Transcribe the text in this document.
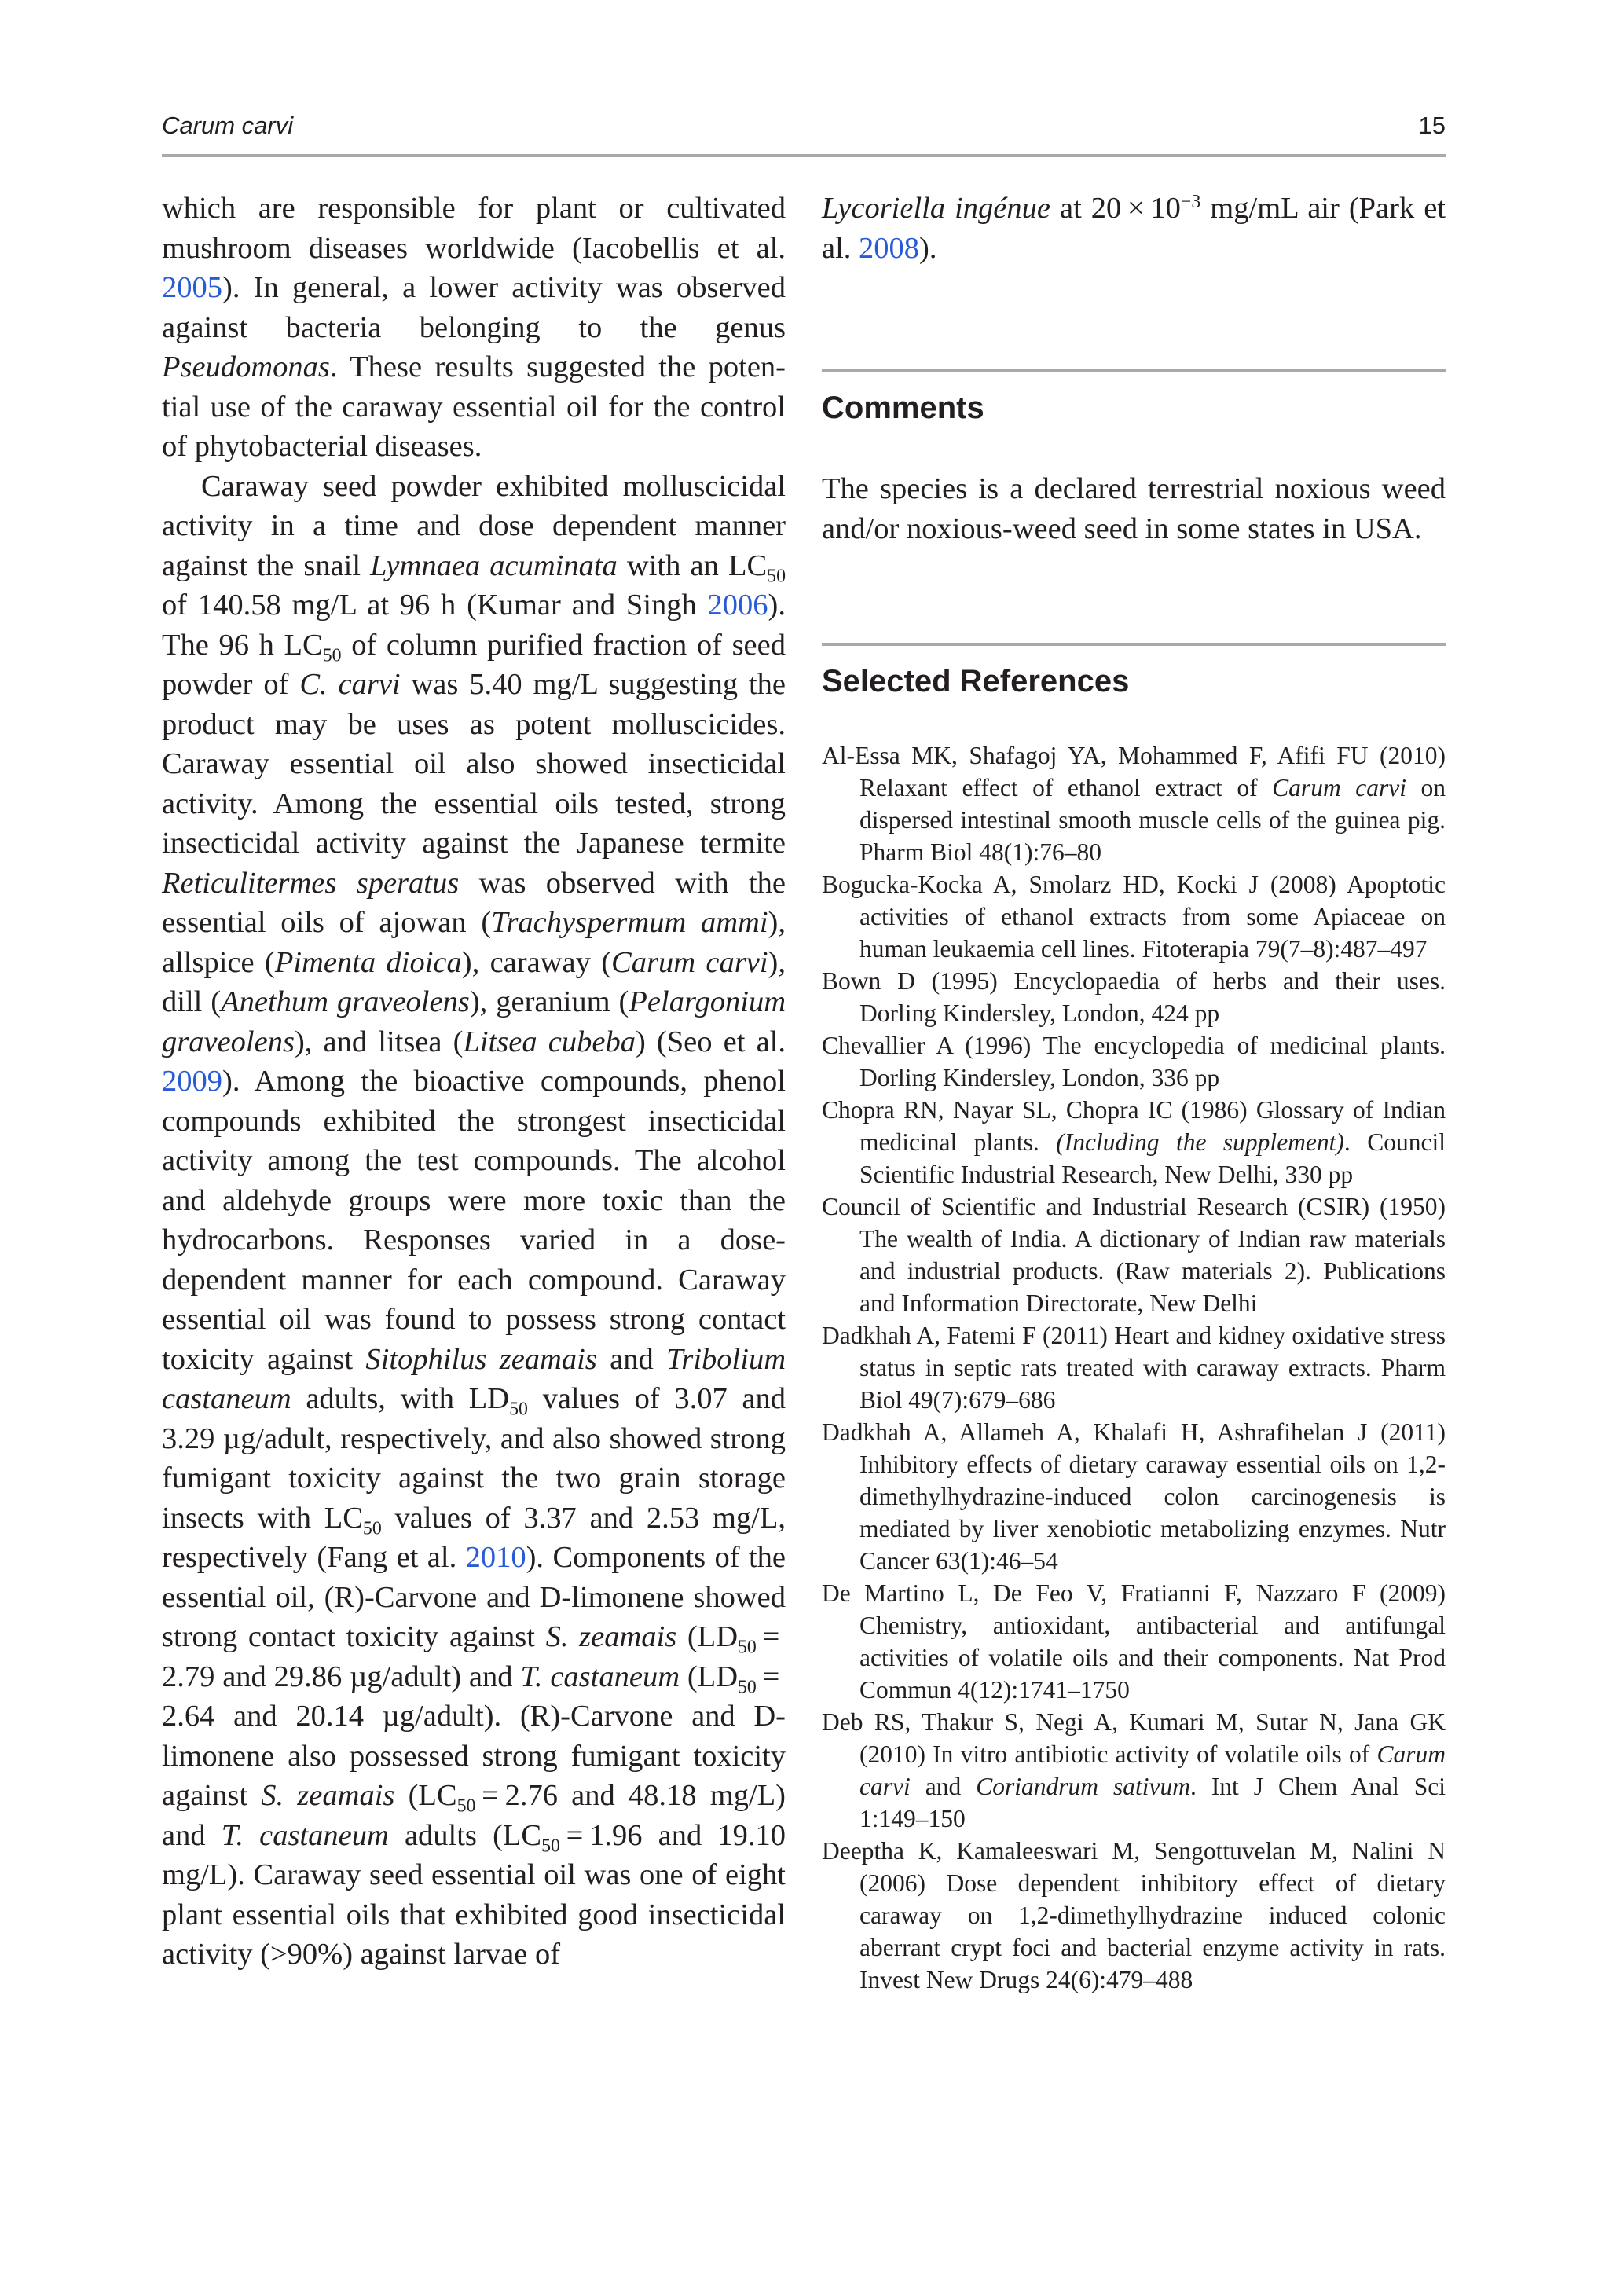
Carum carvi	15

which are responsible for plant or cultivated mushroom diseases worldwide (Iacobellis et al. 2005). In general, a lower activity was observed against bacteria belonging to the genus Pseudomonas. These results suggested the potential use of the caraway essential oil for the control of phytobacterial diseases.

Caraway seed powder exhibited molluscicidal activity in a time and dose dependent manner against the snail Lymnaea acuminata with an $LC_{50}$ of 140.58 mg/L at 96 h (Kumar and Singh 2006). The 96 h $LC_{50}$ of column purified fraction of seed powder of C. carvi was 5.40 mg/L suggesting the product may be uses as potent molluscicides. Caraway essential oil also showed insecticidal activity. Among the essential oils tested, strong insecticidal activity against the Japanese termite Reticulitermes speratus was observed with the essential oils of ajowan (Trachyspermum ammi), allspice (Pimenta dioica), caraway (Carum carvi), dill (Anethum graveolens), geranium (Pelargonium graveolens), and litsea (Litsea cubeba) (Seo et al. 2009). Among the bioactive compounds, phenol compounds exhibited the strongest insecticidal activity among the test compounds. The alcohol and aldehyde groups were more toxic than the hydrocarbons. Responses varied in a dose-dependent manner for each compound. Caraway essential oil was found to possess strong contact toxicity against Sitophilus zeamais and Tribolium castaneum adults, with $LD_{50}$ values of 3.07 and 3.29 µg/adult, respectively, and also showed strong fumigant toxicity against the two grain storage insects with $LC_{50}$ values of 3.37 and 2.53 mg/L, respectively (Fang et al. 2010). Components of the essential oil, (R)-Carvone and D-limonene showed strong contact toxicity against S. zeamais ($LD_{50} = 2.79$ and 29.86 µg/adult) and T. castaneum ($LD_{50} = 2.64$ and 20.14 µg/adult). (R)-Carvone and D-limonene also possessed strong fumigant toxicity against S. zeamais ($LC_{50} = 2.76$ and 48.18 mg/L) and T. castaneum adults ($LC_{50} = 1.96$ and 19.10 mg/L). Caraway seed essential oil was one of eight plant essential oils that exhibited good insecticidal activity (>90%) against larvae of

Lycoriella ingénue at $20 \times 10^{-3}$ mg/mL air (Park et al. 2008).

Comments

The species is a declared terrestrial noxious weed and/or noxious-weed seed in some states in USA.

Selected References
Al-Essa MK, Shafagoj YA, Mohammed F, Afifi FU (2010) Relaxant effect of ethanol extract of Carum carvi on dispersed intestinal smooth muscle cells of the guinea pig. Pharm Biol 48(1):76–80
Bogucka-Kocka A, Smolarz HD, Kocki J (2008) Apoptotic activities of ethanol extracts from some Apiaceae on human leukaemia cell lines. Fitoterapia 79(7–8):487–497
Bown D (1995) Encyclopaedia of herbs and their uses. Dorling Kindersley, London, 424 pp
Chevallier A (1996) The encyclopedia of medicinal plants. Dorling Kindersley, London, 336 pp
Chopra RN, Nayar SL, Chopra IC (1986) Glossary of Indian medicinal plants. (Including the supplement). Council Scientific Industrial Research, New Delhi, 330 pp
Council of Scientific and Industrial Research (CSIR) (1950) The wealth of India. A dictionary of Indian raw materials and industrial products. (Raw materials 2). Publications and Information Directorate, New Delhi
Dadkhah A, Fatemi F (2011) Heart and kidney oxidative stress status in septic rats treated with caraway extracts. Pharm Biol 49(7):679–686
Dadkhah A, Allameh A, Khalafi H, Ashrafihelan J (2011) Inhibitory effects of dietary caraway essential oils on 1,2-dimethylhydrazine-induced colon carcinogenesis is mediated by liver xenobiotic metabolizing enzymes. Nutr Cancer 63(1):46–54
De Martino L, De Feo V, Fratianni F, Nazzaro F (2009) Chemistry, antioxidant, antibacterial and antifungal activities of volatile oils and their components. Nat Prod Commun 4(12):1741–1750
Deb RS, Thakur S, Negi A, Kumari M, Sutar N, Jana GK (2010) In vitro antibiotic activity of volatile oils of Carum carvi and Coriandrum sativum. Int J Chem Anal Sci 1:149–150
Deeptha K, Kamaleeswari M, Sengottuvelan M, Nalini N (2006) Dose dependent inhibitory effect of dietary caraway on 1,2-dimethylhydrazine induced colonic aberrant crypt foci and bacterial enzyme activity in rats. Invest New Drugs 24(6):479–488
